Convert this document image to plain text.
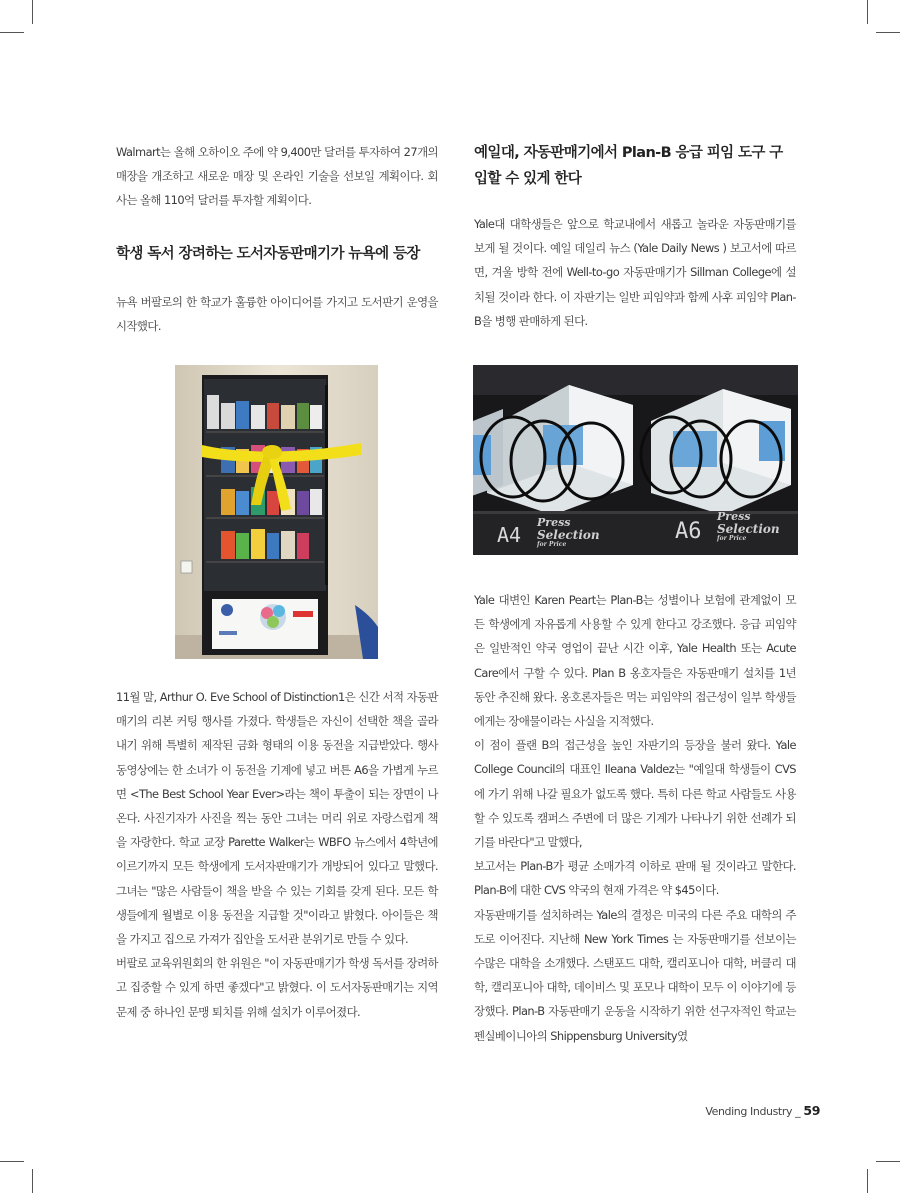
Walmart는 올해 오하이오 주에 약 9,400만 달러를 투자하여 27개의 매장을 개조하고 새로운 매장 및 온라인 기술을 선보일 계획이다. 회사는 올해 110억 달러를 투자할 계획이다.

학생 독서 장려하는 도서자동판매기가 뉴욕에 등장

뉴욕 버팔로의 한 학교가 훌륭한 아이디어를 가지고 도서판기 운영을 시작했다.

11월 말, Arthur O. Eve School of Distinction1은 신간 서적 자동판매기의 리본 커팅 행사를 가졌다. 학생들은 자신이 선택한 책을 골라내기 위해 특별히 제작된 금화 형태의 이용 동전을 지급받았다. 행사 동영상에는 한 소녀가 이 동전을 기계에 넣고 버튼 A6을 가볍게 누르면 <The Best School Year Ever>라는 책이 투출이 되는 장면이 나온다. 사진기자가 사진을 찍는 동안 그녀는 머리 위로 자랑스럽게 책을 자랑한다. 학교 교장 Parette Walker는 WBFO 뉴스에서 4학년에 이르기까지 모든 학생에게 도서자판매기가 개방되어 있다고 말했다. 그녀는 "많은 사람들이 책을 받을 수 있는 기회를 갖게 된다. 모든 학생들에게 월별로 이용 동전을 지급할 것"이라고 밝혔다. 아이들은 책을 가지고 집으로 가져가 집안을 도서관 분위기로 만들 수 있다.

버팔로 교육위원회의 한 위원은 "이 자동판매기가 학생 독서를 장려하고 집중할 수 있게 하면 좋겠다"고 밝혔다. 이 도서자동판매기는 지역 문제 중 하나인 문맹 퇴치를 위해 설치가 이루어졌다.

예일대, 자동판매기에서 Plan-B 응급 피임 도구 구입할 수 있게 한다

Yale대 대학생들은 앞으로 학교내에서 새롭고 놀라운 자동판매기를 보게 될 것이다. 예일 데일리 뉴스 (Yale Daily News ) 보고서에 따르면, 겨울 방학 전에 Well-to-go 자동판매기가 Sillman College에 설치될 것이라 한다. 이 자판기는 일반 피임약과 함께 사후 피임약 Plan-B을 병행 판매하게 된다.

A4
Press
Selection
for Price
A6
Press
Selection
for Price

Yale 대변인 Karen Peart는 Plan-B는 성별이나 보험에 관계없이 모든 학생에게 자유롭게 사용할 수 있게 한다고 강조했다. 응급 피임약은 일반적인 약국 영업이 끝난 시간 이후, Yale Health 또는 Acute Care에서 구할 수 있다. Plan B 옹호자들은 자동판매기 설치를 1년 동안 추진해 왔다. 옹호론자들은 먹는 피임약의 접근성이 일부 학생들에게는 장애물이라는 사실을 지적했다.

이 점이 플랜 B의 접근성을 높인 자판기의 등장을 불러 왔다. Yale College Council의 대표인 Ileana Valdez는 "예일대 학생들이 CVS에 가기 위해 나갈 필요가 없도록 했다. 특히 다른 학교 사람들도 사용할 수 있도록 캠퍼스 주변에 더 많은 기계가 나타나기 위한 선례가 되기를 바란다"고 말했다,

보고서는 Plan-B가 평균 소매가격 이하로 판매 될 것이라고 말한다. Plan-B에 대한 CVS 약국의 현재 가격은 약 $45이다.

자동판매기를 설치하려는 Yale의 결정은 미국의 다른 주요 대학의 주도로 이어진다. 지난해 New York Times 는 자동판매기를 선보이는 수많은 대학을 소개했다. 스탠포드 대학, 캘리포니아 대학, 버클리 대학, 캘리포니아 대학, 데이비스 및 포모나 대학이 모두 이 이야기에 등장했다. Plan-B 자동판매기 운동을 시작하기 위한 선구자적인 학교는 펜실베이니아의 Shippensburg University였

Vending Industry _ 59
